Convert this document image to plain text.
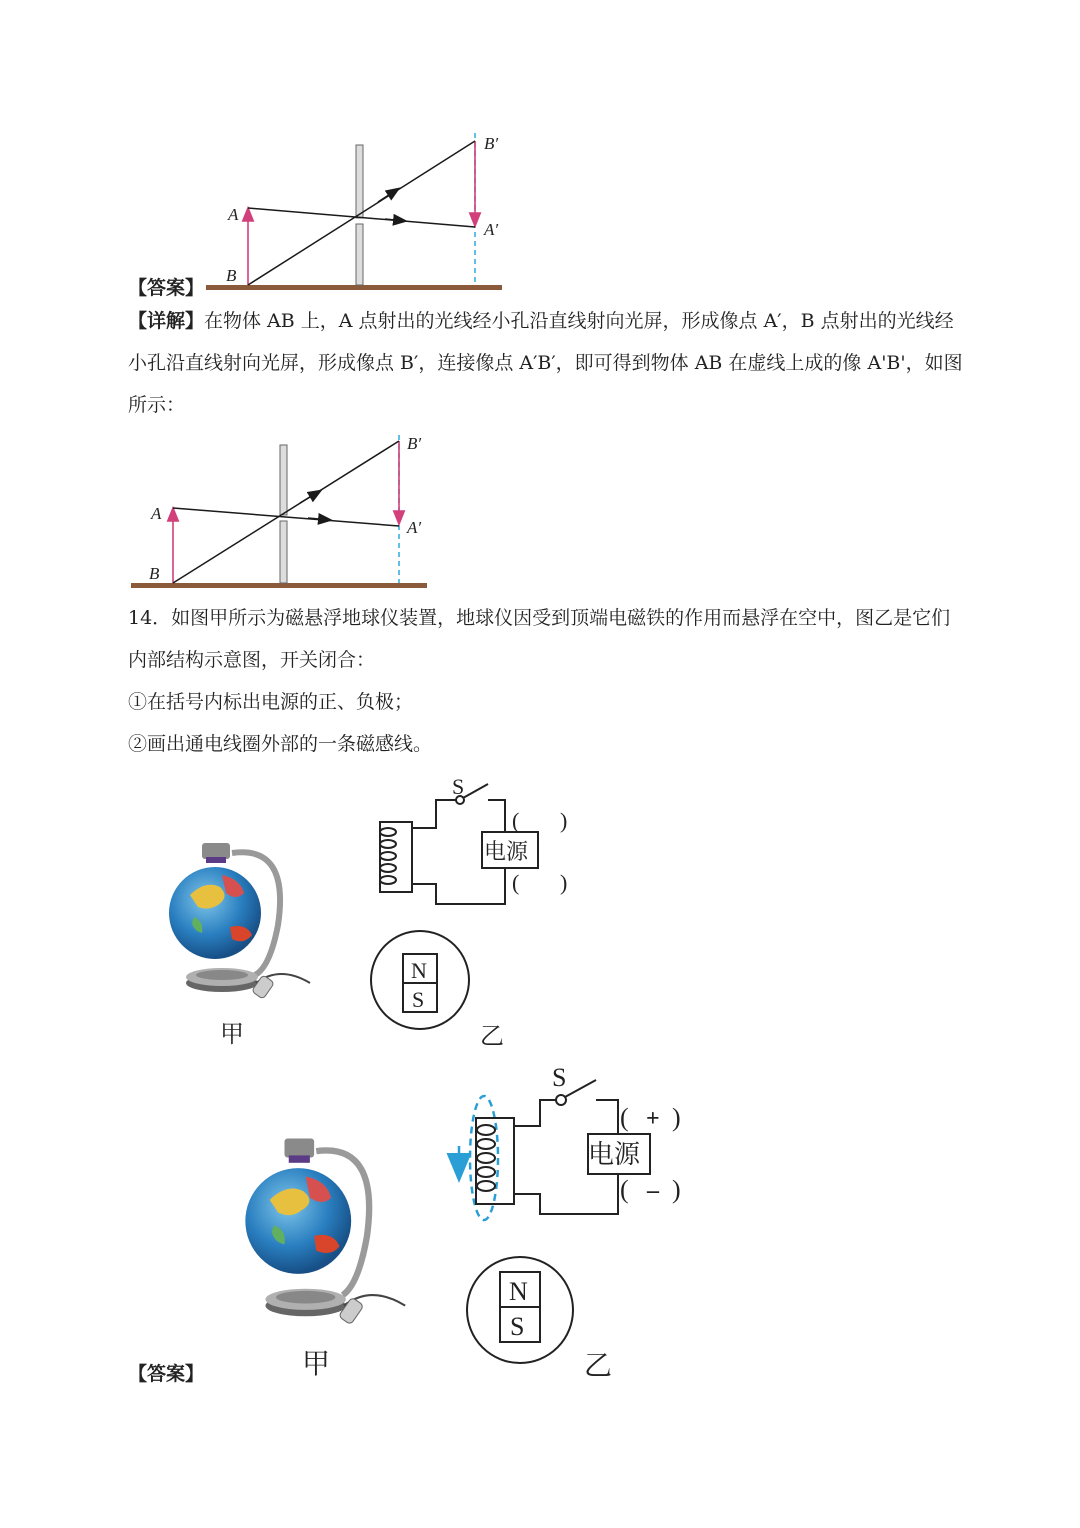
A
B
B′
A′
【答案】
【详解】在物体 AB 上，A 点射出的光线经小孔沿直线射向光屏，形成像点 A′，B 点射出的光线经
小孔沿直线射向光屏，形成像点 B′，连接像点 A′B′，即可得到物体 AB 在虚线上成的像 A'B'，如图
所示：
A
B
B′
A′
14．如图甲所示为磁悬浮地球仪装置，地球仪因受到顶端电磁铁的作用而悬浮在空中，图乙是它们
内部结构示意图，开关闭合：
①在括号内标出电源的正、负极；
②画出通电线圈外部的一条磁感线。
甲
S
电源
( )
( )
N
S
乙
甲
S
电源
( + )
( – )
N
S
乙
【答案】
